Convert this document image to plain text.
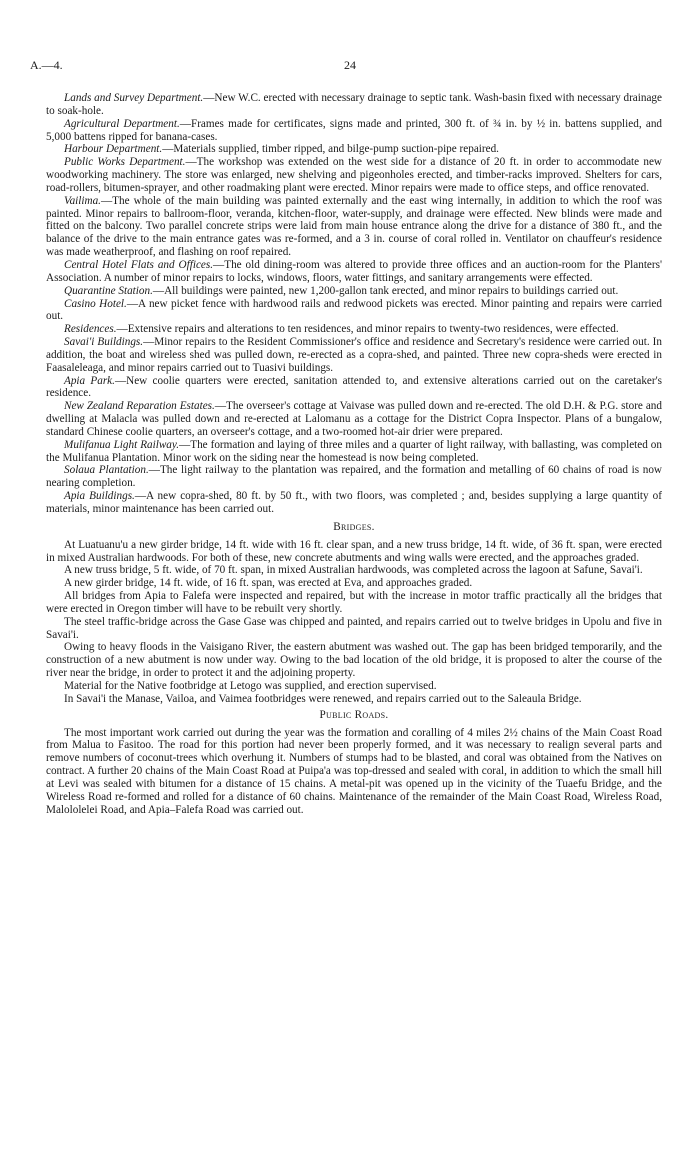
A.—4.	24

Lands and Survey Department.—New W.C. erected with necessary drainage to septic tank. Wash-basin fixed with necessary drainage to soak-hole.

Agricultural Department.—Frames made for certificates, signs made and printed, 300 ft. of ¾ in. by ½ in. battens supplied, and 5,000 battens ripped for banana-cases.

Harbour Department.—Materials supplied, timber ripped, and bilge-pump suction-pipe repaired.

Public Works Department.—The workshop was extended on the west side for a distance of 20 ft. in order to accommodate new woodworking machinery. The store was enlarged, new shelving and pigeonholes erected, and timber-racks improved. Shelters for cars, road-rollers, bitumen-sprayer, and other roadmaking plant were erected. Minor repairs were made to office steps, and office renovated.

Vailima.—The whole of the main building was painted externally and the east wing internally, in addition to which the roof was painted. Minor repairs to ballroom-floor, veranda, kitchen-floor, water-supply, and drainage were effected. New blinds were made and fitted on the balcony. Two parallel concrete strips were laid from main house entrance along the drive for a distance of 380 ft., and the balance of the drive to the main entrance gates was re-formed, and a 3 in. course of coral rolled in. Ventilator on chauffeur's residence was made weatherproof, and flashing on roof repaired.

Central Hotel Flats and Offices.—The old dining-room was altered to provide three offices and an auction-room for the Planters' Association. A number of minor repairs to locks, windows, floors, water fittings, and sanitary arrangements were effected.

Quarantine Station.—All buildings were painted, new 1,200-gallon tank erected, and minor repairs to buildings carried out.

Casino Hotel.—A new picket fence with hardwood rails and redwood pickets was erected. Minor painting and repairs were carried out.

Residences.—Extensive repairs and alterations to ten residences, and minor repairs to twenty-two residences, were effected.

Savai'i Buildings.—Minor repairs to the Resident Commissioner's office and residence and Secretary's residence were carried out. In addition, the boat and wireless shed was pulled down, re-erected as a copra-shed, and painted. Three new copra-sheds were erected in Faasaleleaga, and minor repairs carried out to Tuasivi buildings.

Apia Park.—New coolie quarters were erected, sanitation attended to, and extensive alterations carried out on the caretaker's residence.

New Zealand Reparation Estates.—The overseer's cottage at Vaivase was pulled down and re-erected. The old D.H. & P.G. store and dwelling at Malacla was pulled down and re-erected at Lalomanu as a cottage for the District Copra Inspector. Plans of a bungalow, standard Chinese coolie quarters, an overseer's cottage, and a two-roomed hot-air drier were prepared.

Mulifanua Light Railway.—The formation and laying of three miles and a quarter of light railway, with ballasting, was completed on the Mulifanua Plantation. Minor work on the siding near the homestead is now being completed.

Solaua Plantation.—The light railway to the plantation was repaired, and the formation and metalling of 60 chains of road is now nearing completion.

Apia Buildings.—A new copra-shed, 80 ft. by 50 ft., with two floors, was completed ; and, besides supplying a large quantity of materials, minor maintenance has been carried out.

Bridges.

At Luatuanu'u a new girder bridge, 14 ft. wide with 16 ft. clear span, and a new truss bridge, 14 ft. wide, of 36 ft. span, were erected in mixed Australian hardwoods. For both of these, new concrete abutments and wing walls were erected, and the approaches graded.

A new truss bridge, 5 ft. wide, of 70 ft. span, in mixed Australian hardwoods, was completed across the lagoon at Safune, Savai'i.

A new girder bridge, 14 ft. wide, of 16 ft. span, was erected at Eva, and approaches graded.

All bridges from Apia to Falefa were inspected and repaired, but with the increase in motor traffic practically all the bridges that were erected in Oregon timber will have to be rebuilt very shortly.

The steel traffic-bridge across the Gase Gase was chipped and painted, and repairs carried out to twelve bridges in Upolu and five in Savai'i.

Owing to heavy floods in the Vaisigano River, the eastern abutment was washed out. The gap has been bridged temporarily, and the construction of a new abutment is now under way. Owing to the bad location of the old bridge, it is proposed to alter the course of the river near the bridge, in order to protect it and the adjoining property.

Material for the Native footbridge at Letogo was supplied, and erection supervised.

In Savai'i the Manase, Vailoa, and Vaimea footbridges were renewed, and repairs carried out to the Saleaula Bridge.

Public Roads.

The most important work carried out during the year was the formation and coralling of 4 miles 2½ chains of the Main Coast Road from Malua to Fasitoo. The road for this portion had never been properly formed, and it was necessary to realign several parts and remove numbers of coconut-trees which overhung it. Numbers of stumps had to be blasted, and coral was obtained from the Natives on contract. A further 20 chains of the Main Coast Road at Puipa'a was top-dressed and sealed with coral, in addition to which the small hill at Levi was sealed with bitumen for a distance of 15 chains. A metal-pit was opened up in the vicinity of the Tuaefu Bridge, and the Wireless Road re-formed and rolled for a distance of 60 chains. Maintenance of the remainder of the Main Coast Road, Wireless Road, Malololelei Road, and Apia–Falefa Road was carried out.
